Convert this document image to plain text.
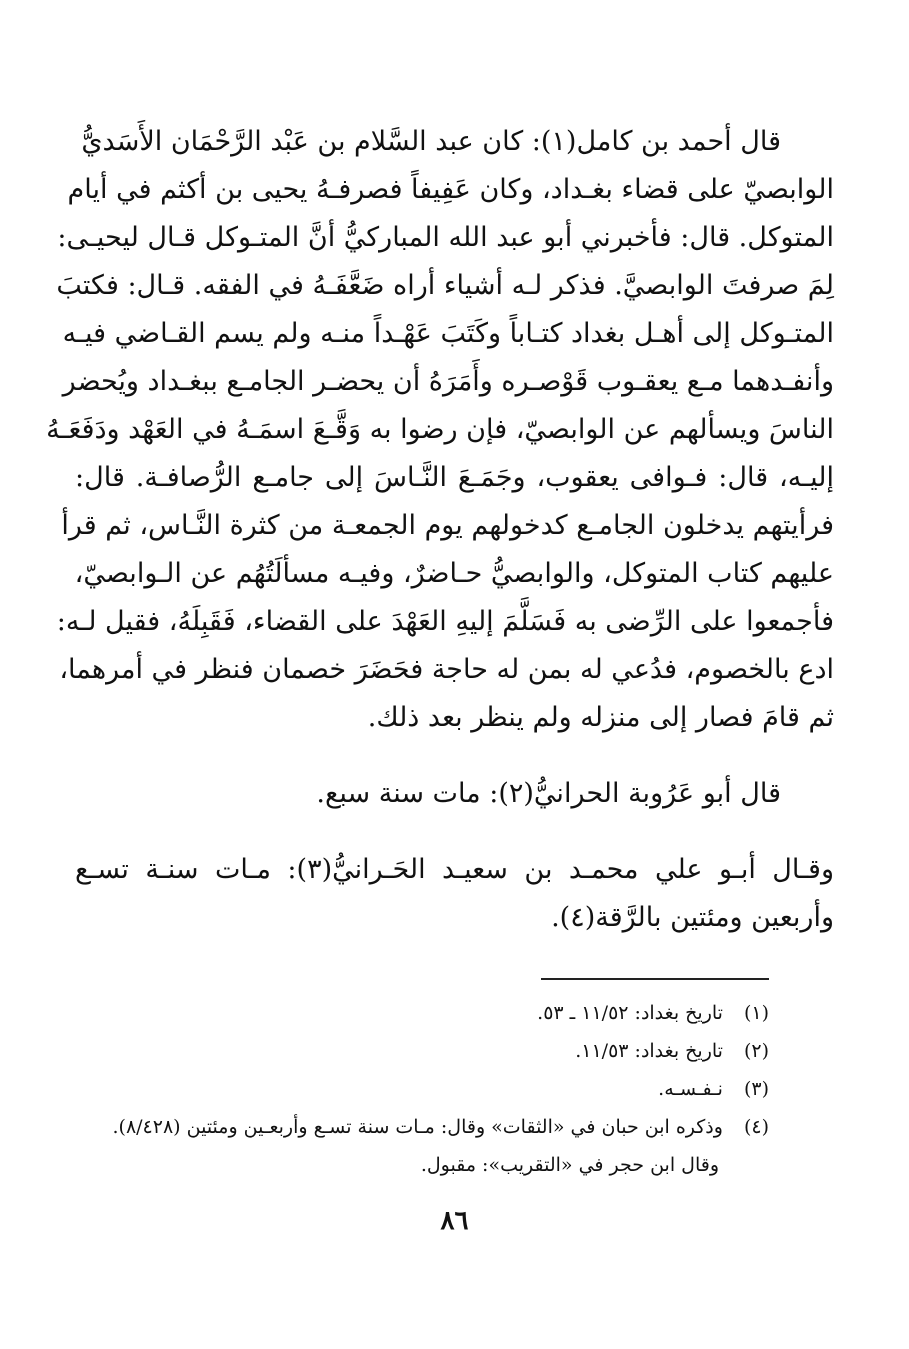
قال أحمد بن كامل(١): كان عبد السَّلام بن عَبْد الرَّحْمَان الأَسَديُّ
الوابصيّ على قضاء بغـداد، وكان عَفِيفاً فصرفـهُ يحيى بن أكثم في أيام
المتوكل. قال: فأخبرني أبو عبد الله المباركيُّ أنَّ المتـوكل قـال ليحيـى:
لِمَ صرفتَ الوابصيَّ. فذكر لـه أشياء أراه ضَعَّفَـهُ في الفقه. قـال: فكتبَ
المتـوكل إلى أهـل بغداد كتـاباً وكَتَبَ عَهْـداً منـه ولم يسم القـاضي فيـه
وأنفـدهما مـع يعقـوب قَوْصـره وأَمَرَهُ أن يحضـر الجامـع ببغـداد ويُحضر
الناسَ ويسألهم عن الوابصيّ، فإن رضوا به وَقَّـعَ اسمَـهُ في العَهْد ودَفَعَـهُ
إليـه، قال: فـوافى يعقوب، وجَمَـعَ النَّـاسَ إلى جامـع الرُّصافـة. قال:
فرأيتهم يدخلون الجامـع كدخولهم يوم الجمعـة من كثرة النَّـاس، ثم قرأ
عليهم كتاب المتوكل، والوابصيُّ حـاضرٌ، وفيـه مسألَتُهُم عن الـوابصيّ،
فأجمعوا على الرِّضى به فَسَلَّمَ إليهِ العَهْدَ على القضاء، فَقَبِلَهُ، فقيل لـه:
ادع بالخصوم، فدُعي له بمن له حاجة فحَضَرَ خصمان فنظر في أمرهما،
ثم قامَ فصار إلى منزله ولم ينظر بعد ذلك.
قال أبو عَرُوبة الحرانيُّ(٢): مات سنة سبع.
وقـال أبـو علي محمـد بن سعيـد الحَـرانيُّ(٣): مـات سنـة تسـع
وأربعين ومئتين بالرَّقة(٤).
(١) تاريخ بغداد: ١١/٥٢ ـ ٥٣.
(٢) تاريخ بغداد: ١١/٥٣.
(٣) نـفـسـه.
(٤) وذكره ابن حبان في «الثقات» وقال: مـات سنة تسـع وأربعـين ومئتين (٨/٤٢٨).
وقال ابن حجر في «التقريب»: مقبول.
٨٦
